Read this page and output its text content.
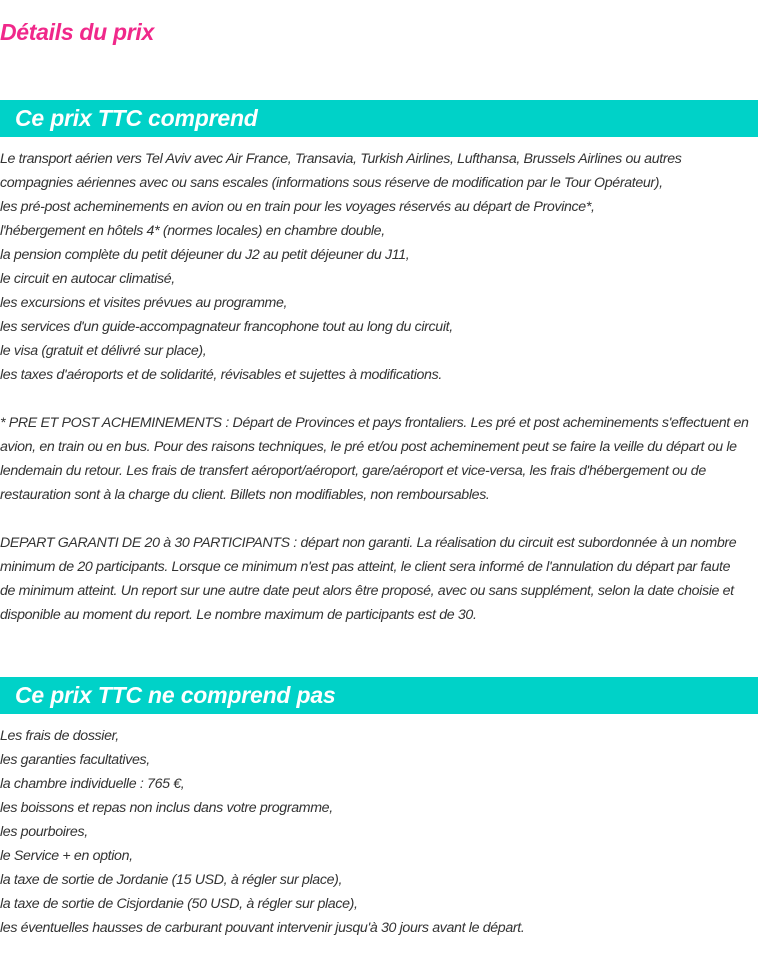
Détails du prix
Ce prix TTC comprend
Le transport aérien vers Tel Aviv avec Air France, Transavia, Turkish Airlines, Lufthansa, Brussels Airlines ou autres
compagnies aériennes avec ou sans escales (informations sous réserve de modification par le Tour Opérateur),
les pré-post acheminements en avion ou en train pour les voyages réservés au départ de Province*,
l'hébergement en hôtels 4* (normes locales) en chambre double,
la pension complète du petit déjeuner du J2 au petit déjeuner du J11,
le circuit en autocar climatisé,
les excursions et visites prévues au programme,
les services d'un guide-accompagnateur francophone tout au long du circuit,
le visa (gratuit et délivré sur place),
les taxes d'aéroports et de solidarité, révisables et sujettes à modifications.
* PRE ET POST ACHEMINEMENTS : Départ de Provinces et pays frontaliers. Les pré et post acheminements s'effectuent en avion, en train ou en bus. Pour des raisons techniques, le pré et/ou post acheminement peut se faire la veille du départ ou le lendemain du retour. Les frais de transfert aéroport/aéroport, gare/aéroport et vice-versa, les frais d'hébergement ou de restauration sont à la charge du client. Billets non modifiables, non remboursables.
DEPART GARANTI DE 20 à 30 PARTICIPANTS : départ non garanti. La réalisation du circuit est subordonnée à un nombre minimum de 20 participants. Lorsque ce minimum n'est pas atteint, le client sera informé de l'annulation du départ par faute de minimum atteint. Un report sur une autre date peut alors être proposé, avec ou sans supplément, selon la date choisie et disponible au moment du report. Le nombre maximum de participants est de 30.
Ce prix TTC ne comprend pas
Les frais de dossier,
les garanties facultatives,
la chambre individuelle : 765 €,
les boissons et repas non inclus dans votre programme,
les pourboires,
le Service + en option,
la taxe de sortie de Jordanie (15 USD, à régler sur place),
la taxe de sortie de Cisjordanie (50 USD, à régler sur place),
les éventuelles hausses de carburant pouvant intervenir jusqu'à 30 jours avant le départ.
